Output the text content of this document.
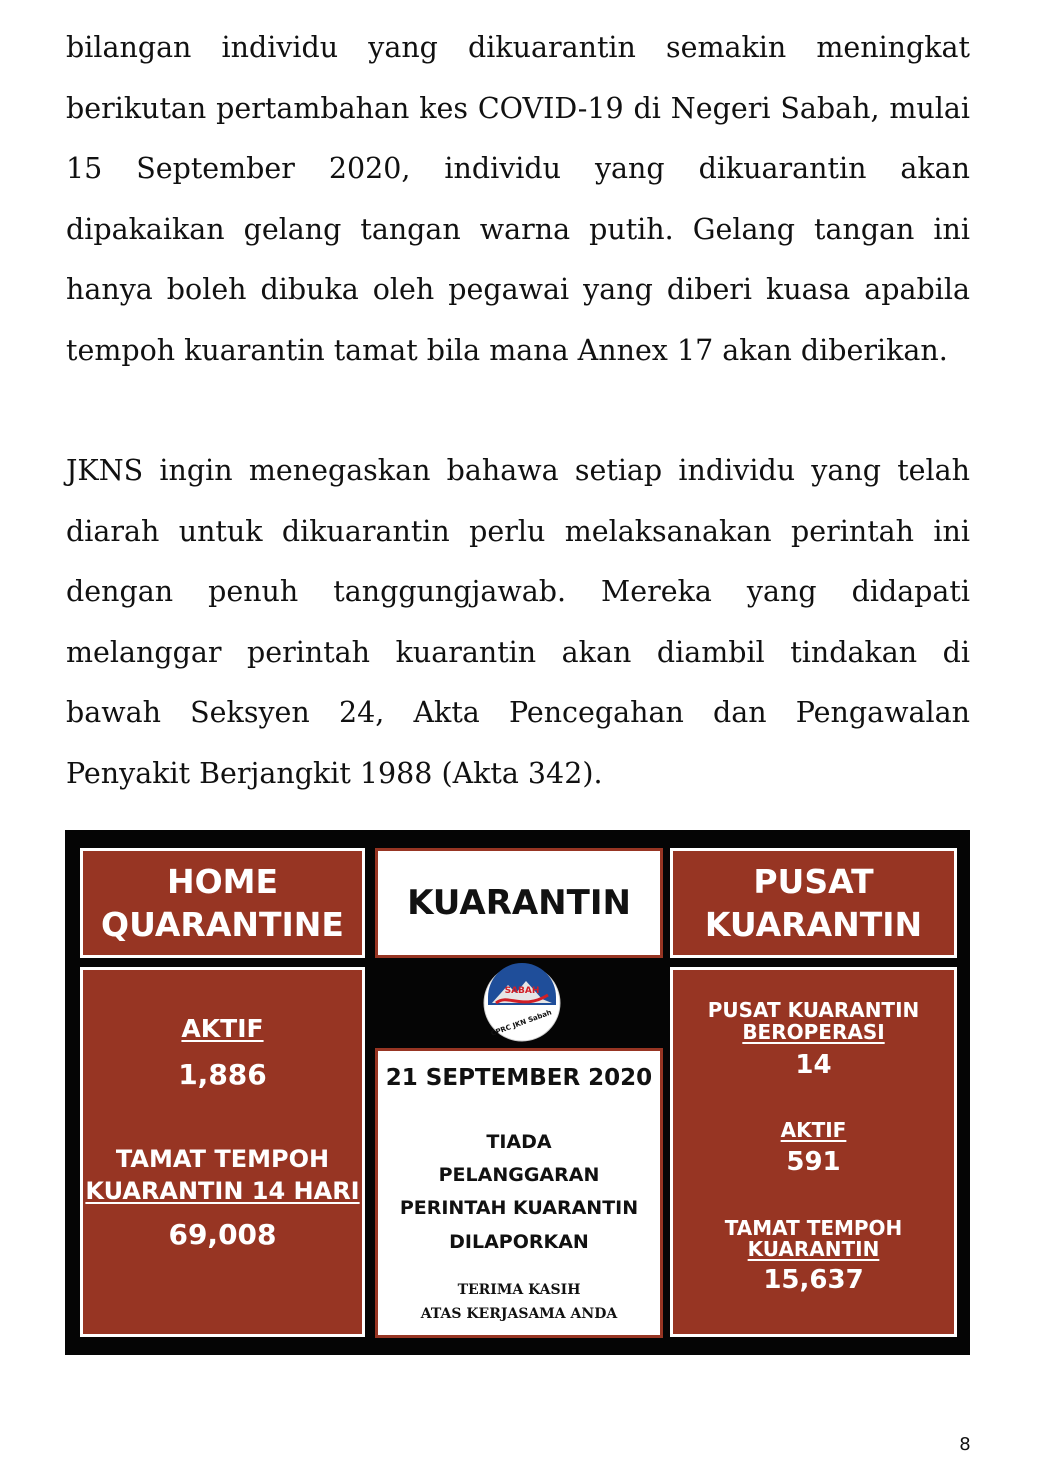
bilangan individu yang dikuarantin semakin meningkat berikutan pertambahan kes COVID-19 di Negeri Sabah, mulai 15 September 2020, individu yang dikuarantin akan dipakaikan gelang tangan warna putih. Gelang tangan ini hanya boleh dibuka oleh pegawai yang diberi kuasa apabila tempoh kuarantin tamat bila mana Annex 17 akan diberikan.

JKNS ingin menegaskan bahawa setiap individu yang telah diarah untuk dikuarantin perlu melaksanakan perintah ini dengan penuh tanggungjawab. Mereka yang didapati melanggar perintah kuarantin akan diambil tindakan di bawah Seksyen 24, Akta Pencegahan dan Pengawalan Penyakit Berjangkit 1988 (Akta 342).

HOME
QUARANTINE
KUARANTIN
PUSAT
KUARANTIN
AKTIF
1,886
TAMAT TEMPOH
KUARANTIN 14 HARI
69,008
SABAH
CPRC JKN Sabah
21 SEPTEMBER 2020
TIADA
PELANGGARAN
PERINTAH KUARANTIN
DILAPORKAN
TERIMA KASIH
ATAS KERJASAMA ANDA
PUSAT KUARANTIN
BEROPERASI
14
AKTIF
591
TAMAT TEMPOH
KUARANTIN
15,637
8
